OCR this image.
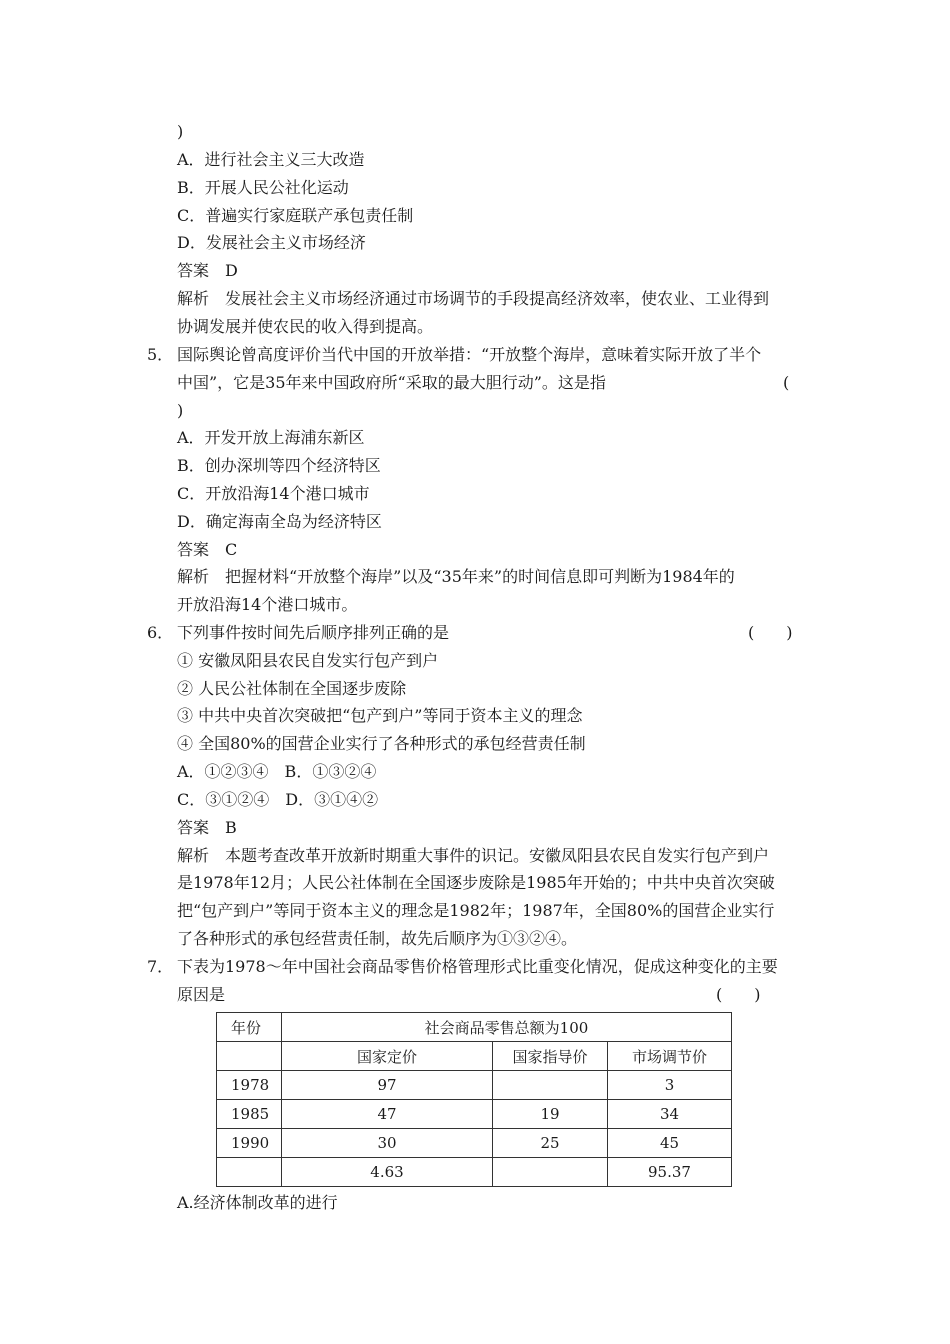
)
A．进行社会主义三大改造
B．开展人民公社化运动
C．普遍实行家庭联产承包责任制
D．发展社会主义市场经济
答案　D
解析　发展社会主义市场经济通过市场调节的手段提高经济效率，使农业、工业得到
协调发展并使农民的收入得到提高。
5． 国际舆论曾高度评价当代中国的开放举措：“开放整个海岸，意味着实际开放了半个
中国”，它是35年来中国政府所“采取的最大胆行动”。这是指	(
)
A．开发开放上海浦东新区
B．创办深圳等四个经济特区
C．开放沿海14个港口城市
D．确定海南全岛为经济特区
答案　C
解析　把握材料“开放整个海岸”以及“35年来”的时间信息即可判断为1984年的
开放沿海14个港口城市。
6． 下列事件按时间先后顺序排列正确的是	(　　)
① 安徽凤阳县农民自发实行包产到户
② 人民公社体制在全国逐步废除
③ 中共中央首次突破把“包产到户”等同于资本主义的理念
④ 全国80%的国营企业实行了各种形式的承包经营责任制
A．①②③④　B．①③②④
C．③①②④　D．③①④②
答案　B
解析　本题考查改革开放新时期重大事件的识记。安徽凤阳县农民自发实行包产到户
是1978年12月；人民公社体制在全国逐步废除是1985年开始的；中共中央首次突破
把“包产到户”等同于资本主义的理念是1982年；1987年，全国80%的国营企业实行
了各种形式的承包经营责任制，故先后顺序为①③②④。
7． 下表为1978～年中国社会商品零售价格管理形式比重变化情况，促成这种变化的主要
原因是	(　　)
年份	社会商品零售总额为100		
	国家定价	国家指导价	市场调节价
1978	97		3
1985	47	19	34
1990	30	25	45
	4.63		95.37
A.经济体制改革的进行
